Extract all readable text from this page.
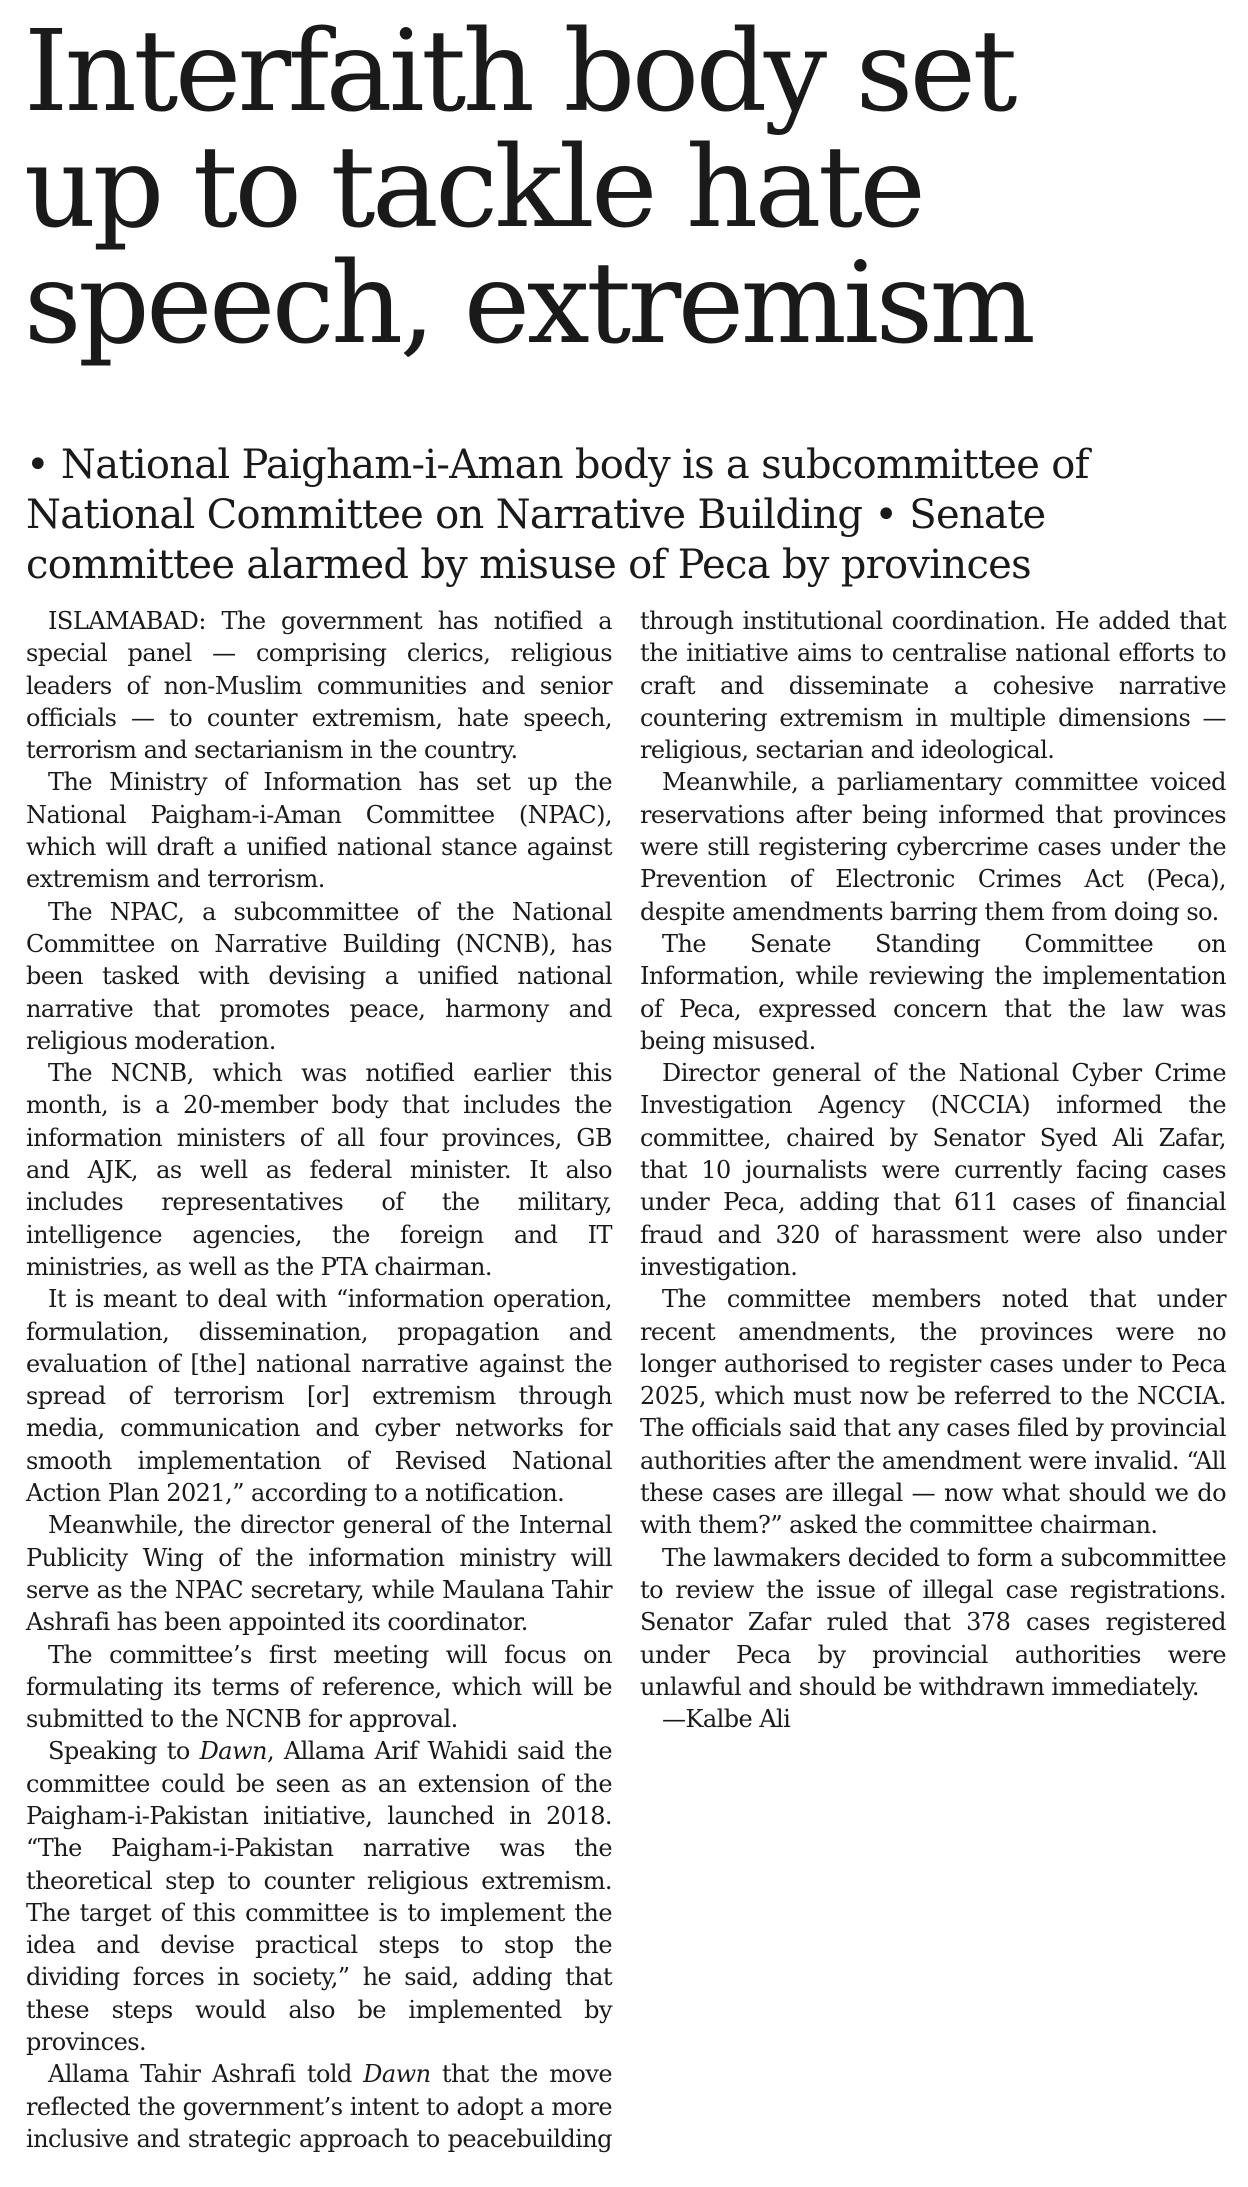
Interfaith body set
up to tackle hate
speech, extremism
• National Paigham-i-Aman body is a subcommittee of
National Committee on Narrative Building • Senate
committee alarmed by misuse of Peca by provinces

ISLAMABAD: The government has notified a special panel — comprising clerics, religious leaders of non-Muslim communities and senior officials — to counter extremism, hate speech, terrorism and sectarianism in the country.

The Ministry of Information has set up the National Paigham-i-Aman Committee (NPAC), which will draft a unified national stance against extremism and terrorism.

The NPAC, a subcommittee of the National Committee on Narrative Building (NCNB), has been tasked with devising a unified national narrative that promotes peace, harmony and religious moderation.

The NCNB, which was notified earlier this month, is a 20-member body that includes the information ministers of all four provinces, GB and AJK, as well as federal minister. It also includes representatives of the military, intelligence agencies, the foreign and IT ministries, as well as the PTA chairman.

It is meant to deal with “information operation, formulation, dissemination, propagation and evaluation of [the] national narrative against the spread of terrorism [or] extremism through media, communication and cyber networks for smooth implementation of Revised National Action Plan 2021,” according to a notification.

Meanwhile, the director general of the Internal Publicity Wing of the information ministry will serve as the NPAC secretary, while Maulana Tahir Ashrafi has been appointed its coordinator.

The committee’s first meeting will focus on formulating its terms of reference, which will be submitted to the NCNB for approval.

Speaking to Dawn, Allama Arif Wahidi said the committee could be seen as an extension of the Paigham-i-Pakistan initiative, launched in 2018. “The Paigham-i-Pakistan narrative was the theoretical step to counter religious extremism. The target of this committee is to implement the idea and devise practical steps to stop the dividing forces in society,” he said, adding that these steps would also be implemented by provinces.

Allama Tahir Ashrafi told Dawn that the move reflected the government’s intent to adopt a more inclusive and strategic approach to peacebuilding through institutional coordination. He added that the initiative aims to centralise national efforts to craft and disseminate a cohesive narrative countering extremism in multiple dimensions — religious, sectarian and ideological.

Meanwhile, a parliamentary committee voiced reservations after being informed that provinces were still registering cybercrime cases under the Prevention of Electronic Crimes Act (Peca), despite amendments barring them from doing so.

The Senate Standing Committee on Information, while reviewing the implementation of Peca, expressed concern that the law was being misused.

Director general of the National Cyber Crime Investigation Agency (NCCIA) informed the committee, chaired by Senator Syed Ali Zafar, that 10 journalists were currently facing cases under Peca, adding that 611 cases of financial fraud and 320 of harassment were also under investigation.

The committee members noted that under recent amendments, the provinces were no longer authorised to register cases under to Peca 2025, which must now be referred to the NCCIA. The officials said that any cases filed by provincial authorities after the amendment were invalid. “All these cases are illegal — now what should we do with them?” asked the committee chairman.

The lawmakers decided to form a subcommittee to review the issue of illegal case registrations. Senator Zafar ruled that 378 cases registered under Peca by provincial authorities were unlawful and should be withdrawn immediately.

—Kalbe Ali
